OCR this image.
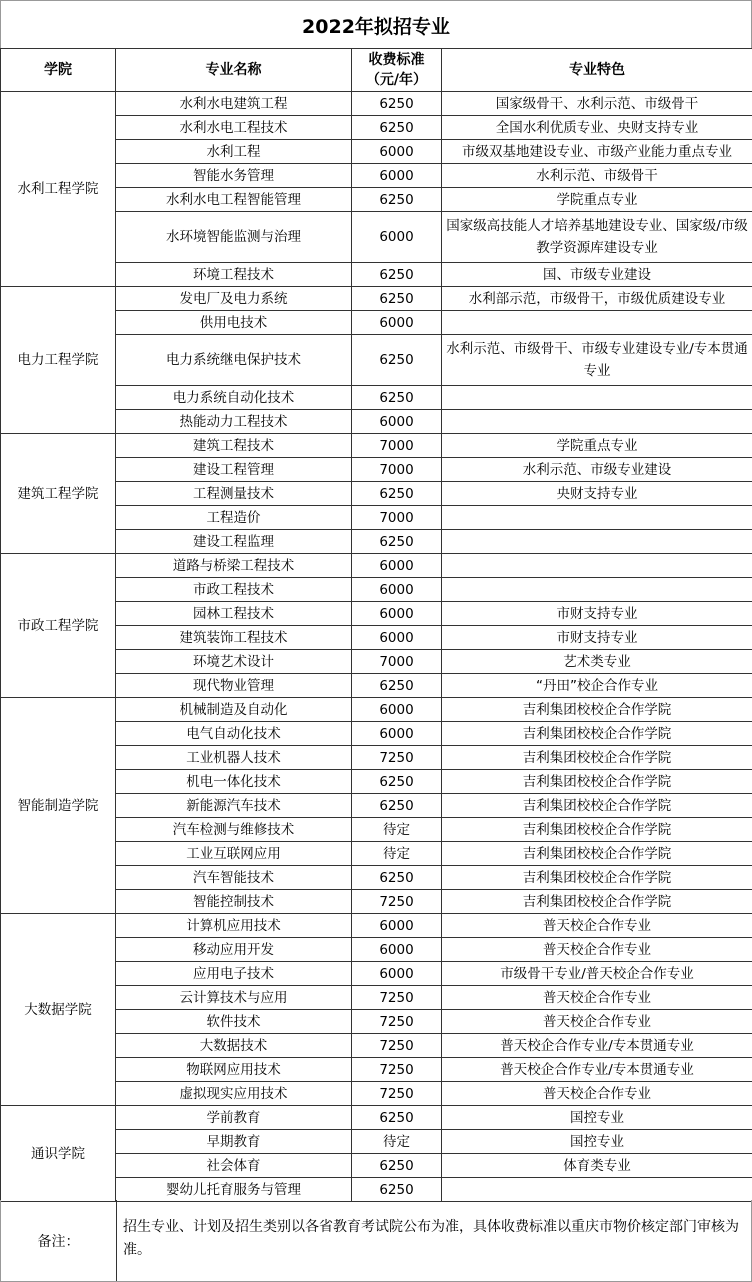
2022年拟招专业
学院	专业名称	收费标准（元/年）	专业特色
水利工程学院	水利水电建筑工程	6250	国家级骨干、水利示范、市级骨干
	水利水电工程技术	6250	全国水利优质专业、央财支持专业
	水利工程	6000	市级双基地建设专业、市级产业能力重点专业
	智能水务管理	6000	水利示范、市级骨干
	水利水电工程智能管理	6250	学院重点专业
	水环境智能监测与治理	6000	国家级高技能人才培养基地建设专业、国家级/市级教学资源库建设专业
	环境工程技术	6250	国、市级专业建设
电力工程学院	发电厂及电力系统	6250	水利部示范，市级骨干，市级优质建设专业
	供用电技术	6000	
	电力系统继电保护技术	6250	水利示范、市级骨干、市级专业建设专业/专本贯通专业
	电力系统自动化技术	6250	
	热能动力工程技术	6000	
建筑工程学院	建筑工程技术	7000	学院重点专业
	建设工程管理	7000	水利示范、市级专业建设
	工程测量技术	6250	央财支持专业
	工程造价	7000	
	建设工程监理	6250	
市政工程学院	道路与桥梁工程技术	6000	
	市政工程技术	6000	
	园林工程技术	6000	市财支持专业
	建筑装饰工程技术	6000	市财支持专业
	环境艺术设计	7000	艺术类专业
	现代物业管理	6250	“丹田”校企合作专业
智能制造学院	机械制造及自动化	6000	吉利集团校校企合作学院
	电气自动化技术	6000	吉利集团校校企合作学院
	工业机器人技术	7250	吉利集团校校企合作学院
	机电一体化技术	6250	吉利集团校校企合作学院
	新能源汽车技术	6250	吉利集团校校企合作学院
	汽车检测与维修技术	待定	吉利集团校校企合作学院
	工业互联网应用	待定	吉利集团校校企合作学院
	汽车智能技术	6250	吉利集团校校企合作学院
	智能控制技术	7250	吉利集团校校企合作学院
大数据学院	计算机应用技术	6000	普天校企合作专业
	移动应用开发	6000	普天校企合作专业
	应用电子技术	6000	市级骨干专业/普天校企合作专业
	云计算技术与应用	7250	普天校企合作专业
	软件技术	7250	普天校企合作专业
	大数据技术	7250	普天校企合作专业/专本贯通专业
	物联网应用技术	7250	普天校企合作专业/专本贯通专业
	虚拟现实应用技术	7250	普天校企合作专业
通识学院	学前教育	6250	国控专业
	早期教育	待定	国控专业
	社会体育	6250	体育类专业
	婴幼儿托育服务与管理	6250	
备注：
招生专业、计划及招生类别以各省教育考试院公布为准，具体收费标准以重庆市物价核定部门审核为准。
